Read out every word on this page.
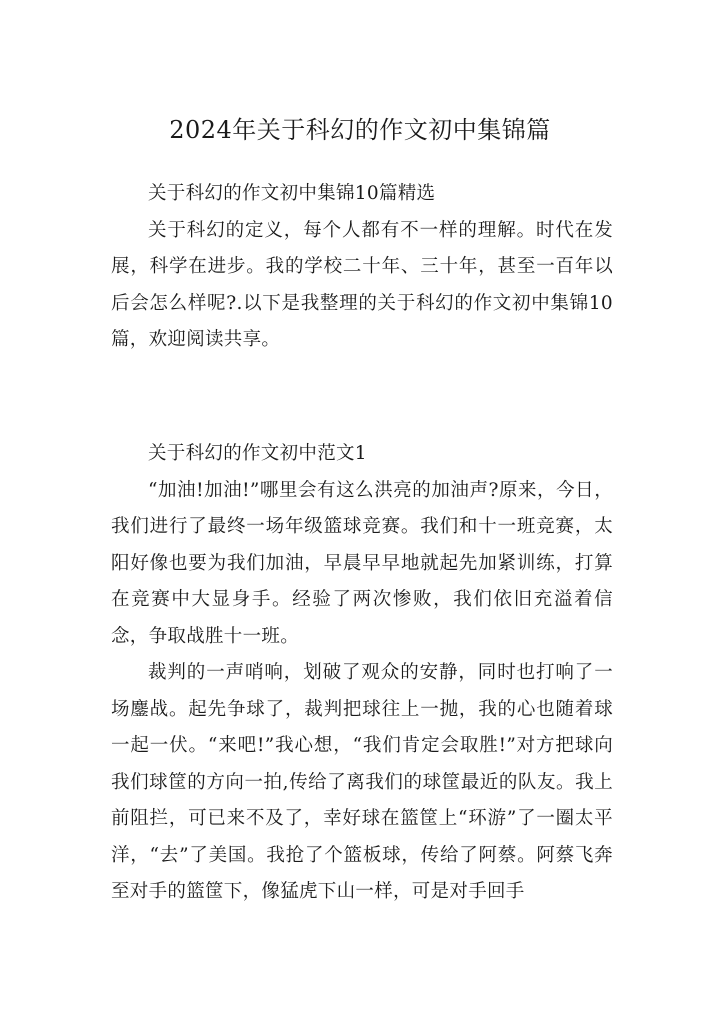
2024年关于科幻的作文初中集锦篇

关于科幻的作文初中集锦10篇精选

关于科幻的定义，每个人都有不一样的理解。时代在发展，科学在进步。我的学校二十年、三十年，甚至一百年以后会怎么样呢?.以下是我整理的关于科幻的作文初中集锦10篇，欢迎阅读共享。

关于科幻的作文初中范文1

“加油!加油!”哪里会有这么洪亮的加油声?原来，今日，我们进行了最终一场年级篮球竞赛。我们和十一班竞赛，太阳好像也要为我们加油，早晨早早地就起先加紧训练，打算在竞赛中大显身手。经验了两次惨败，我们依旧充溢着信念，争取战胜十一班。

裁判的一声哨响，划破了观众的安静，同时也打响了一场鏖战。起先争球了，裁判把球往上一抛，我的心也随着球一起一伏。“来吧!”我心想，“我们肯定会取胜!”对方把球向我们球筐的方向一拍,传给了离我们的球筐最近的队友。我上前阻拦，可已来不及了，幸好球在篮筐上“环游”了一圈太平洋，“去”了美国。我抢了个篮板球，传给了阿蔡。阿蔡飞奔至对手的篮筐下，像猛虎下山一样，可是对手回手
